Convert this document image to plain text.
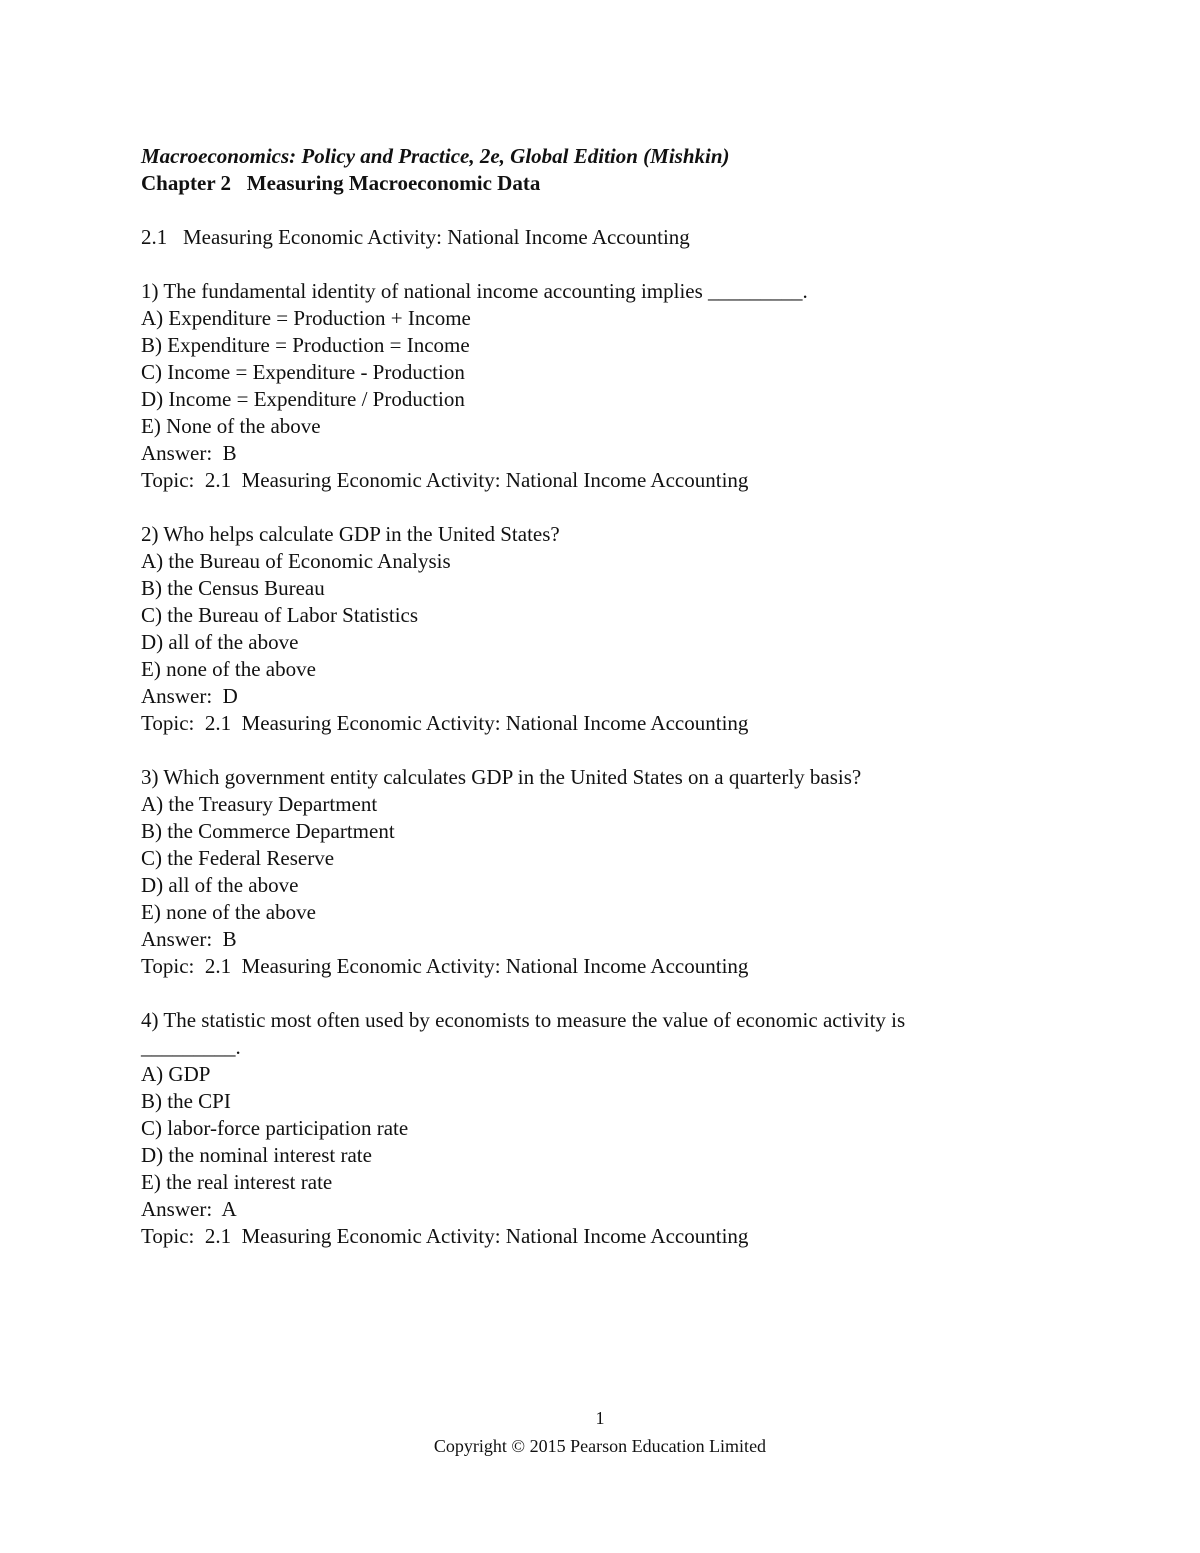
Macroeconomics: Policy and Practice, 2e, Global Edition (Mishkin)
Chapter 2   Measuring Macroeconomic Data
2.1   Measuring Economic Activity: National Income Accounting
1) The fundamental identity of national income accounting implies _________.
A) Expenditure = Production + Income
B) Expenditure = Production = Income
C) Income = Expenditure - Production
D) Income = Expenditure / Production
E) None of the above
Answer:  B
Topic:  2.1  Measuring Economic Activity: National Income Accounting
2) Who helps calculate GDP in the United States?
A) the Bureau of Economic Analysis
B) the Census Bureau
C) the Bureau of Labor Statistics
D) all of the above
E) none of the above
Answer:  D
Topic:  2.1  Measuring Economic Activity: National Income Accounting
3) Which government entity calculates GDP in the United States on a quarterly basis?
A) the Treasury Department
B) the Commerce Department
C) the Federal Reserve
D) all of the above
E) none of the above
Answer:  B
Topic:  2.1  Measuring Economic Activity: National Income Accounting
4) The statistic most often used by economists to measure the value of economic activity is
_________.
A) GDP
B) the CPI
C) labor-force participation rate
D) the nominal interest rate
E) the real interest rate
Answer:  A
Topic:  2.1  Measuring Economic Activity: National Income Accounting
1
Copyright © 2015 Pearson Education Limited
